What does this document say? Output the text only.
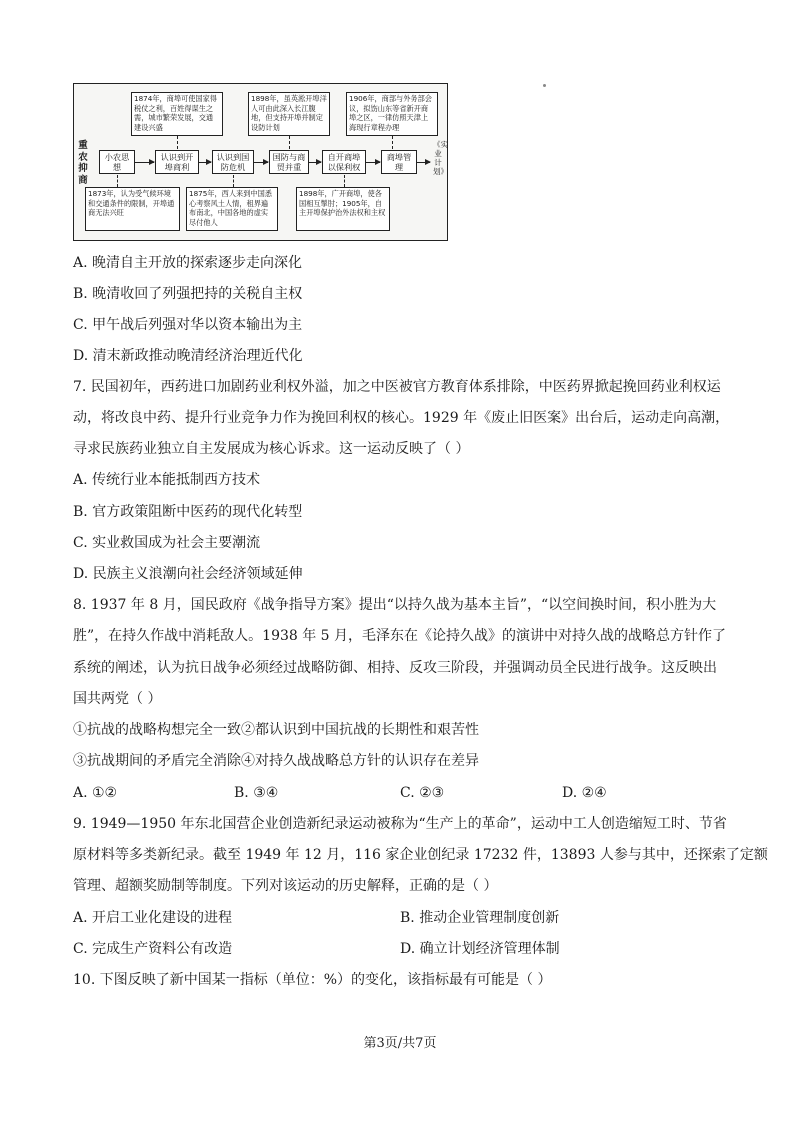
重农抑商
《实业计划》
1874年，商埠可使国家得税仗之利，百姓得谋生之需，城市繁荣发展，交通建设兴盛
1898年，虽英淞开埠洋人可由此深入长江腹地，但支持开埠并制定设防计划
1906年，商部与外务部会议，拟饬山东等省新开商埠之区，一律仿照天津上海现行章程办理
小农思想
认识到开埠商利
认识到国防危机
国防与商贸并重
自开商埠以保利权
商埠管理
1873年，认为受气候环境和交通条件的限制，开埠通商无法兴旺
1875年，西人来到中国悉心考察风土人情，租界遍布南北，中国各地的虚实尽付他人
1898年，广开商埠，使各国相互掣肘；1905年，自主开埠保护治外法权和主权
A. 晚清自主开放的探索逐步走向深化
B. 晚清收回了列强把持的关税自主权
C. 甲午战后列强对华以资本输出为主
D. 清末新政推动晚清经济治理近代化
7. 民国初年，西药进口加剧药业利权外溢，加之中医被官方教育体系排除，中医药界掀起挽回药业利权运
动，将改良中药、提升行业竞争力作为挽回利权的核心。1929 年《废止旧医案》出台后，运动走向高潮，
寻求民族药业独立自主发展成为核心诉求。这一运动反映了（ ）
A. 传统行业本能抵制西方技术
B. 官方政策阻断中医药的现代化转型
C. 实业救国成为社会主要潮流
D. 民族主义浪潮向社会经济领域延伸
8. 1937 年 8 月，国民政府《战争指导方案》提出“以持久战为基本主旨”，“以空间换时间，积小胜为大
胜”，在持久作战中消耗敌人。1938 年 5 月，毛泽东在《论持久战》的演讲中对持久战的战略总方针作了
系统的阐述，认为抗日战争必须经过战略防御、相持、反攻三阶段，并强调动员全民进行战争。这反映出
国共两党（ ）
①抗战的战略构想完全一致②都认识到中国抗战的长期性和艰苦性
③抗战期间的矛盾完全消除④对持久战战略总方针的认识存在差异
A. ①②	B. ③④	C. ②③	D. ②④
9. 1949—1950 年东北国营企业创造新纪录运动被称为“生产上的革命”，运动中工人创造缩短工时、节省
原材料等多类新纪录。截至 1949 年 12 月，116 家企业创纪录 17232 件，13893 人参与其中，还探索了定额
管理、超额奖励制等制度。下列对该运动的历史解释，正确的是（ ）
A. 开启工业化建设的进程	B. 推动企业管理制度创新
C. 完成生产资料公有改造	D. 确立计划经济管理体制
10. 下图反映了新中国某一指标（单位：%）的变化，该指标最有可能是（ ）
第3页/共7页
